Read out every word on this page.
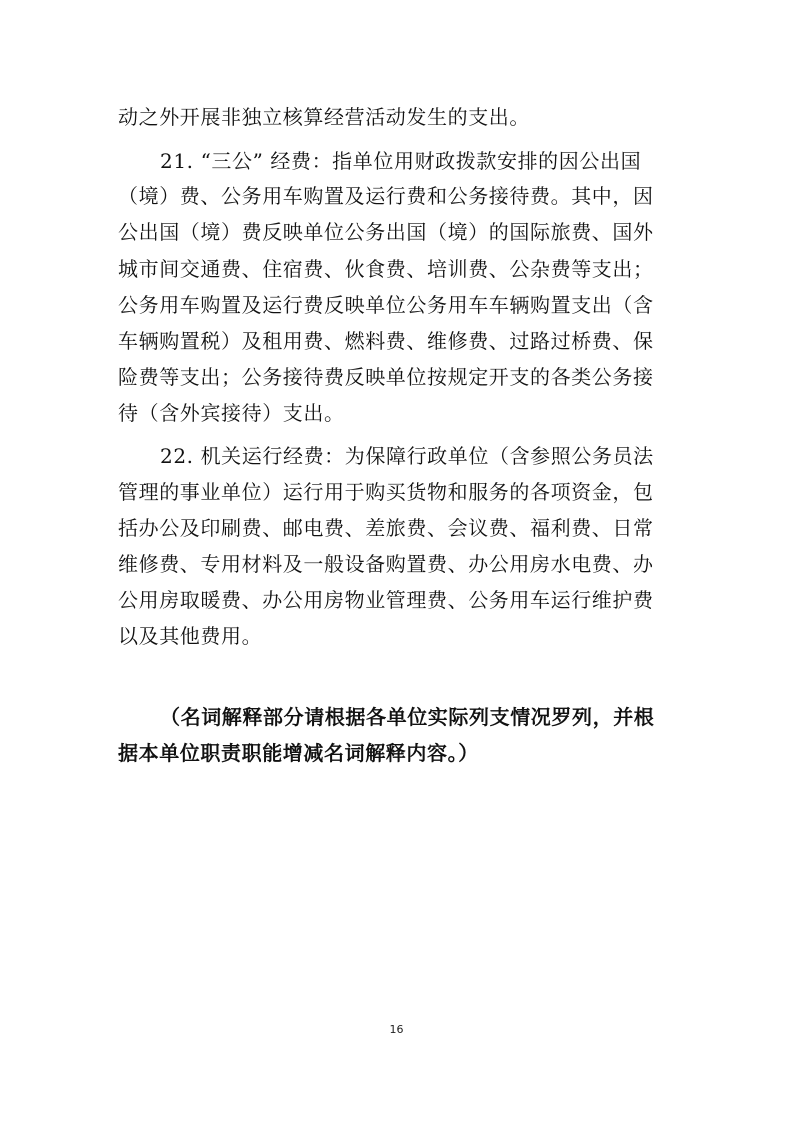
动之外开展非独立核算经营活动发生的支出。
21. “三公” 经费：指单位用财政拨款安排的因公出国
（境）费、公务用车购置及运行费和公务接待费。其中，因
公出国（境）费反映单位公务出国（境）的国际旅费、国外
城市间交通费、住宿费、伙食费、培训费、公杂费等支出；
公务用车购置及运行费反映单位公务用车车辆购置支出（含
车辆购置税）及租用费、燃料费、维修费、过路过桥费、保
险费等支出；公务接待费反映单位按规定开支的各类公务接
待（含外宾接待）支出。
22. 机关运行经费：为保障行政单位（含参照公务员法
管理的事业单位）运行用于购买货物和服务的各项资金，包
括办公及印刷费、邮电费、差旅费、会议费、福利费、日常
维修费、专用材料及一般设备购置费、办公用房水电费、办
公用房取暖费、办公用房物业管理费、公务用车运行维护费
以及其他费用。
（名词解释部分请根据各单位实际列支情况罗列，并根
据本单位职责职能增减名词解释内容。）
16
